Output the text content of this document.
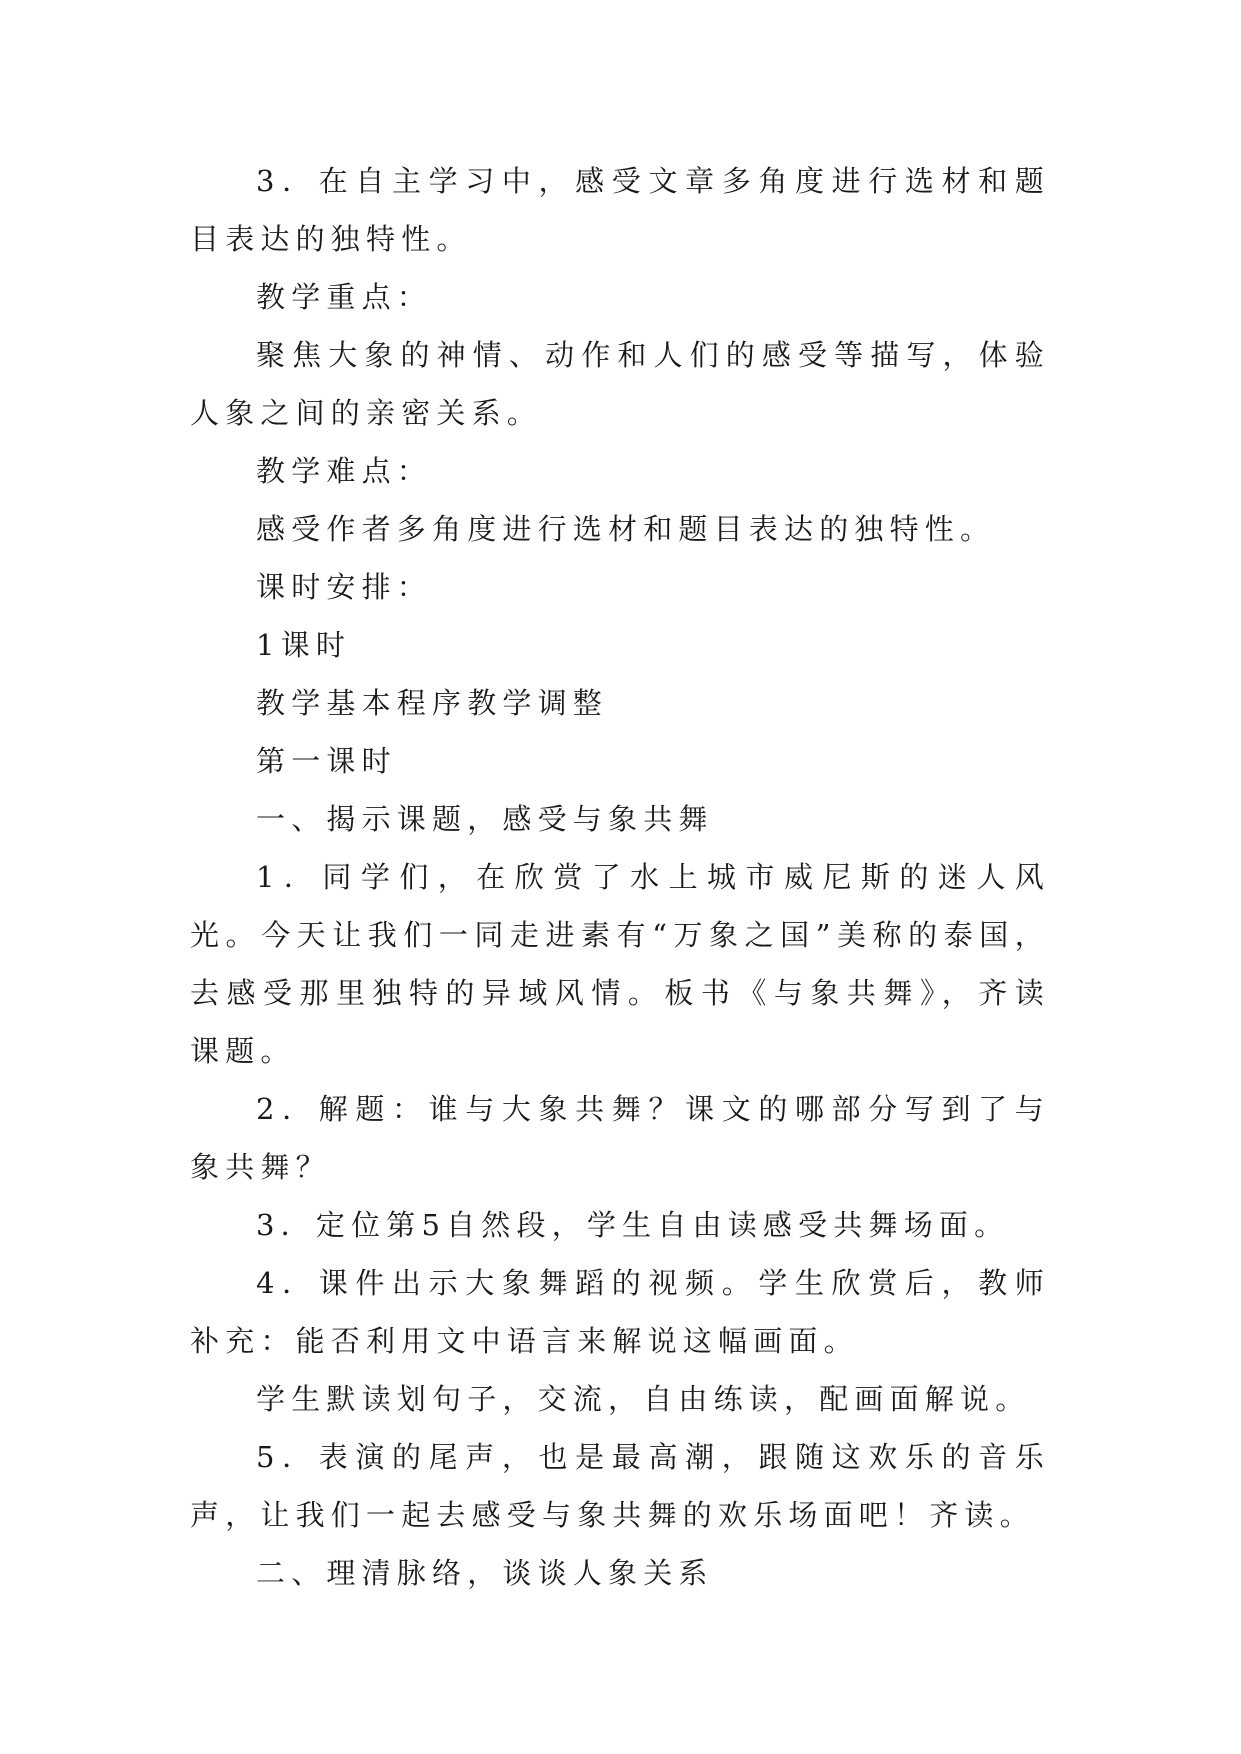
3．在自主学习中，感受文章多角度进行选材和题目表达的独特性。

教学重点：

聚焦大象的神情、动作和人们的感受等描写，体验人象之间的亲密关系。

教学难点：

感受作者多角度进行选材和题目表达的独特性。

课时安排：

1课时

教学基本程序教学调整

第一课时

一、揭示课题，感受与象共舞

1．同学们，在欣赏了水上城市威尼斯的迷人风光。今天让我们一同走进素有“万象之国”美称的泰国，去感受那里独特的异域风情。板书《与象共舞》，齐读课题。

2．解题：谁与大象共舞？课文的哪部分写到了与象共舞？

3．定位第5自然段，学生自由读感受共舞场面。

4．课件出示大象舞蹈的视频。学生欣赏后，教师补充：能否利用文中语言来解说这幅画面。

学生默读划句子，交流，自由练读，配画面解说。

5．表演的尾声，也是最高潮，跟随这欢乐的音乐声，让我们一起去感受与象共舞的欢乐场面吧！齐读。

二、理清脉络，谈谈人象关系
